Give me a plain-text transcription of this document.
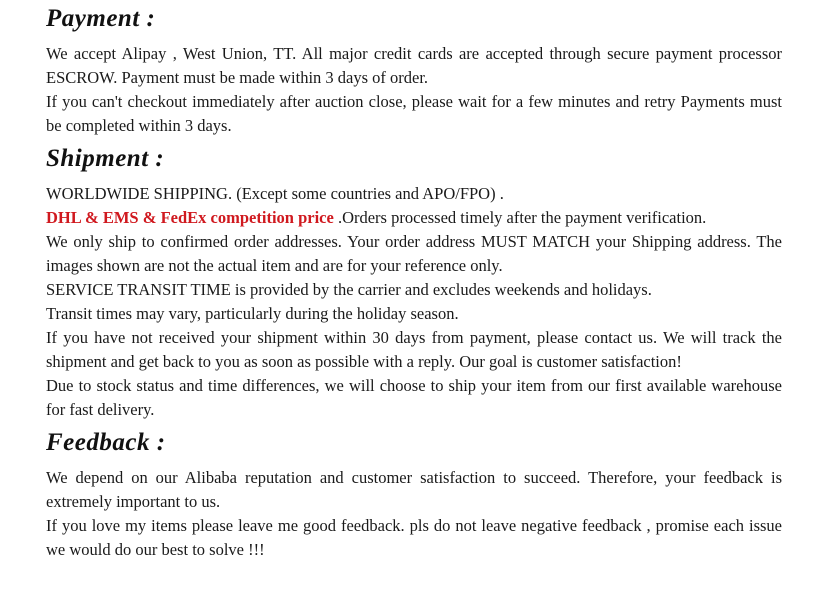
Payment :

We accept Alipay , West Union, TT. All major credit cards are accepted through secure payment processor ESCROW. Payment must be made within 3 days of order.

If you can't checkout immediately after auction close, please wait for a few minutes and retry Payments must be completed within 3 days.

Shipment :

WORLDWIDE SHIPPING. (Except some countries and APO/FPO) .

DHL & EMS & FedEx competition price .Orders processed timely after the payment verification.

We only ship to confirmed order addresses. Your order address MUST MATCH your Shipping address. The images shown are not the actual item and are for your reference only.

SERVICE TRANSIT TIME is provided by the carrier and excludes weekends and holidays.

Transit times may vary, particularly during the holiday season.

If you have not received your shipment within 30 days from payment, please contact us. We will track the shipment and get back to you as soon as possible with a reply. Our goal is customer satisfaction!

Due to stock status and time differences, we will choose to ship your item from our first available warehouse for fast delivery.

Feedback :

We depend on our Alibaba reputation and customer satisfaction to succeed. Therefore, your feedback is extremely important to us.

If you love my items please leave me good feedback. pls do not leave negative feedback , promise each issue we would do our best to solve !!!
